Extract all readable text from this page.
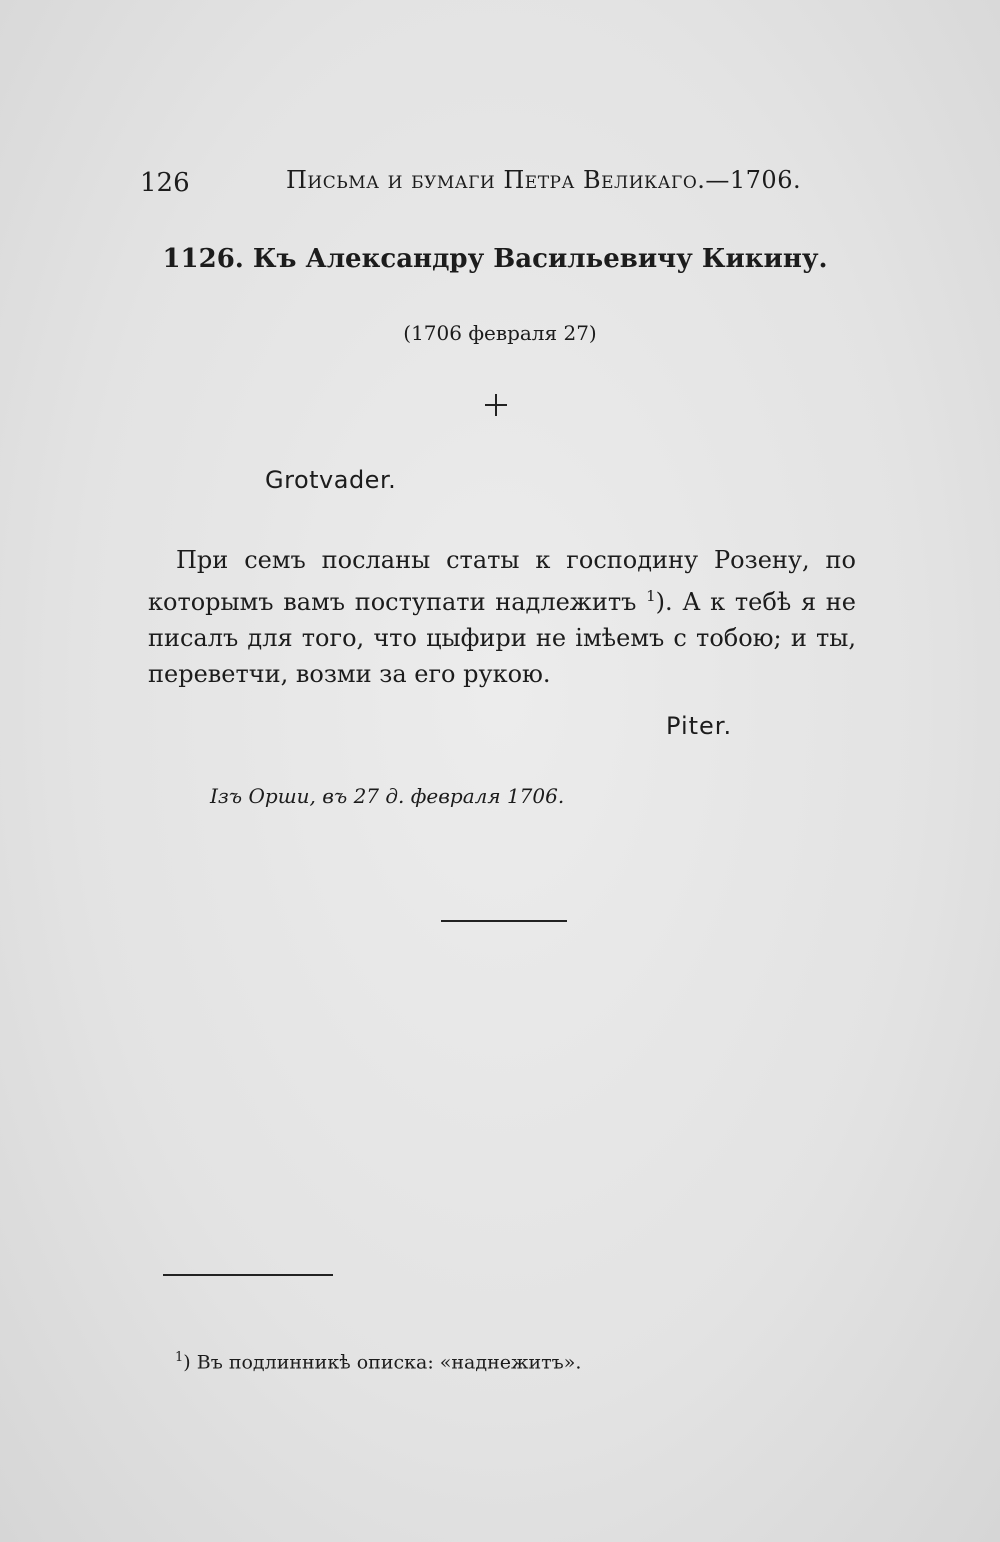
126	Письма и бумаги Петра Великаго.—1706.
1126. Къ Александру Васильевичу Кикину.
(1706 февраля 27)
Grotvader.
При семъ посланы статы к господину Розену, по которымъ вамъ поступати надлежитъ $^1$). А к тебѣ я не писалъ для того, что цыфири не імѣемъ с тобою; и ты, переветчи, возми за его рукою.
Piter.
Ізъ Орши, въ 27 д. февраля 1706.
$^1$) Въ подлинникѣ описка: «наднежитъ».
